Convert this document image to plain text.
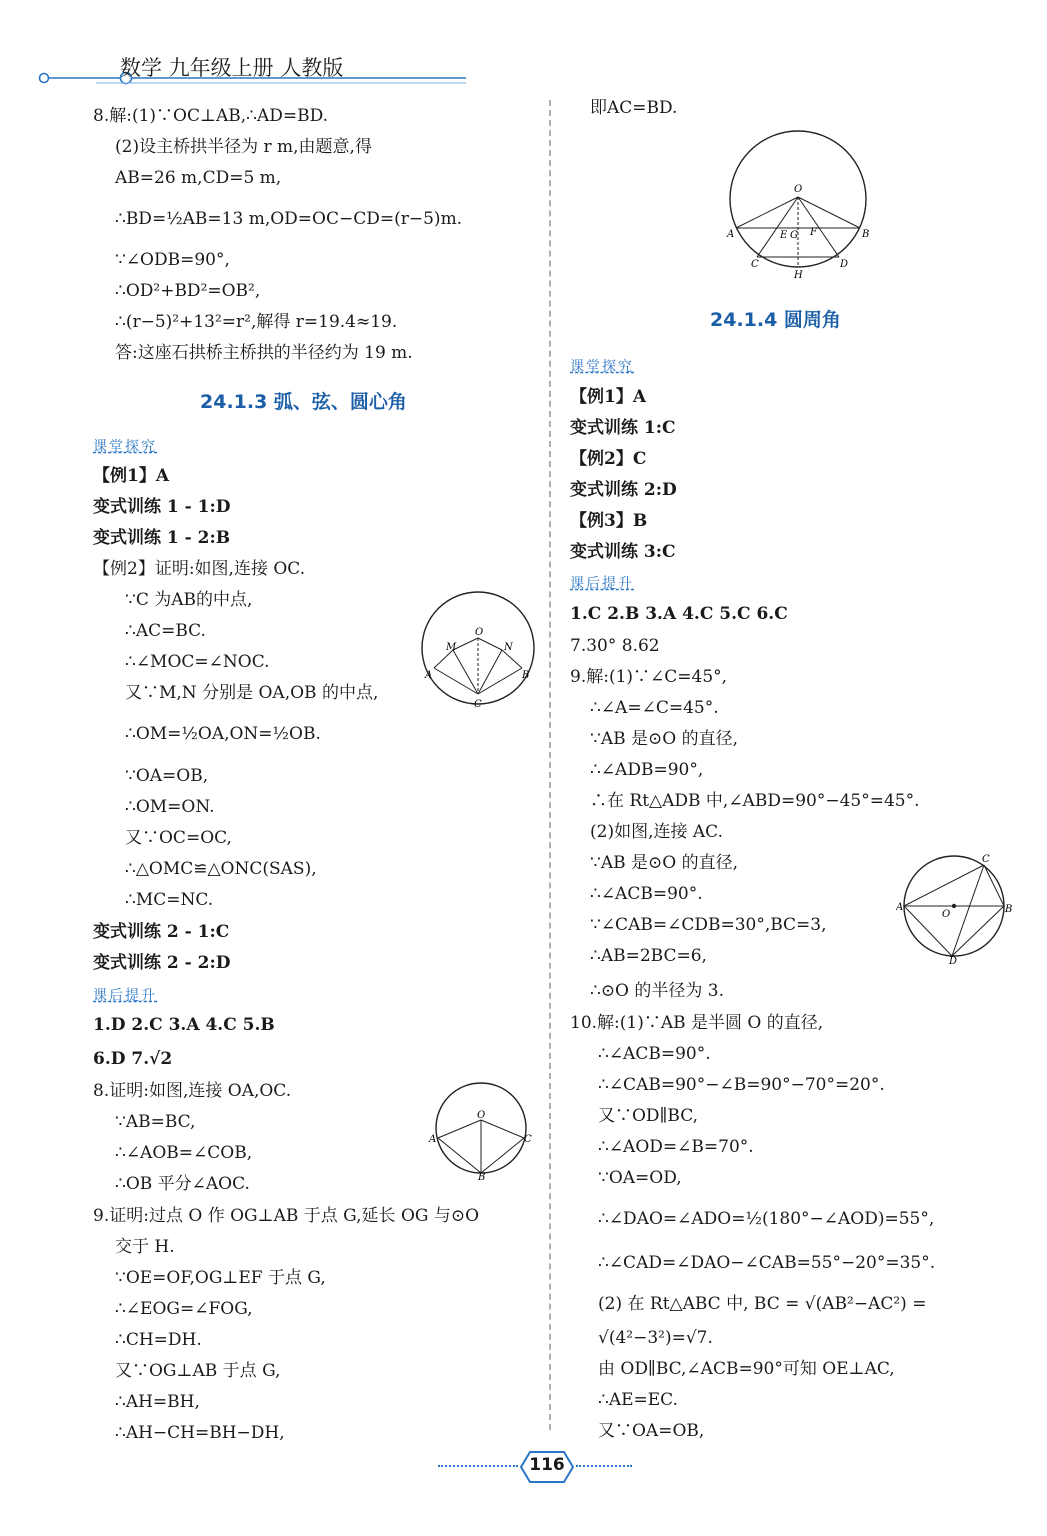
数学 九年级上册 人教版
8.解:(1)∵OC⊥AB,∴AD=BD.
(2)设主桥拱半径为 r m,由题意,得
AB=26 m,CD=5 m,
∴BD=½AB=13 m,OD=OC−CD=(r−5)m.
∵∠ODB=90°,
∴OD²+BD²=OB²,
∴(r−5)²+13²=r²,解得 r=19.4≈19.
答:这座石拱桥主桥拱的半径约为 19 m.
24.1.3 弧、弦、圆心角
课堂探究
【例1】A
变式训练 1 - 1:D
变式训练 1 - 2:B
【例2】证明:如图,连接 OC.
∵C 为AB的中点,
∴AC=BC.
∴∠MOC=∠NOC.
又∵M,N 分别是 OA,OB 的中点,
∴OM=½OA,ON=½OB.
∵OA=OB,
∴OM=ON.
又∵OC=OC,
∴△OMC≌△ONC(SAS),
∴MC=NC.
变式训练 2 - 1:C
变式训练 2 - 2:D
课后提升
1.D 2.C 3.A 4.C 5.B
6.D 7.√2
8.证明:如图,连接 OA,OC.
∵AB=BC,
∴∠AOB=∠COB,
∴OB 平分∠AOC.
9.证明:过点 O 作 OG⊥AB 于点 G,延长 OG 与⊙O
交于 H.
∵OE=OF,OG⊥EF 于点 G,
∴∠EOG=∠FOG,
∴CH=DH.
又∵OG⊥AB 于点 G,
∴AH=BH,
∴AH−CH=BH−DH,
O
M	N
A	B
C
O
A	C
B
即AC=BD.
O
A	B
E G F
C	D
H
24.1.4 圆周角
课堂探究
【例1】A
变式训练 1:C
【例2】C
变式训练 2:D
【例3】B
变式训练 3:C
课后提升
1.C 2.B 3.A 4.C 5.C 6.C
7.30° 8.62
9.解:(1)∵∠C=45°,
∴∠A=∠C=45°.
∵AB 是⊙O 的直径,
∴∠ADB=90°,
∴在 Rt△ADB 中,∠ABD=90°−45°=45°.
(2)如图,连接 AC.
∵AB 是⊙O 的直径,
∴∠ACB=90°.
∵∠CAB=∠CDB=30°,BC=3,
∴AB=2BC=6,
∴⊙O 的半径为 3.
10.解:(1)∵AB 是半圆 O 的直径,
∴∠ACB=90°.
∴∠CAB=90°−∠B=90°−70°=20°.
又∵OD∥BC,
∴∠AOD=∠B=70°.
∵OA=OD,
∴∠DAO=∠ADO=½(180°−∠AOD)=55°,
∴∠CAD=∠DAO−∠CAB=55°−20°=35°.
(2) 在 Rt△ABC 中, BC = √(AB²−AC²) =
√(4²−3²)=√7.
由 OD∥BC,∠ACB=90°可知 OE⊥AC,
∴AE=EC.
又∵OA=OB,
C
A
O	B
D
116
